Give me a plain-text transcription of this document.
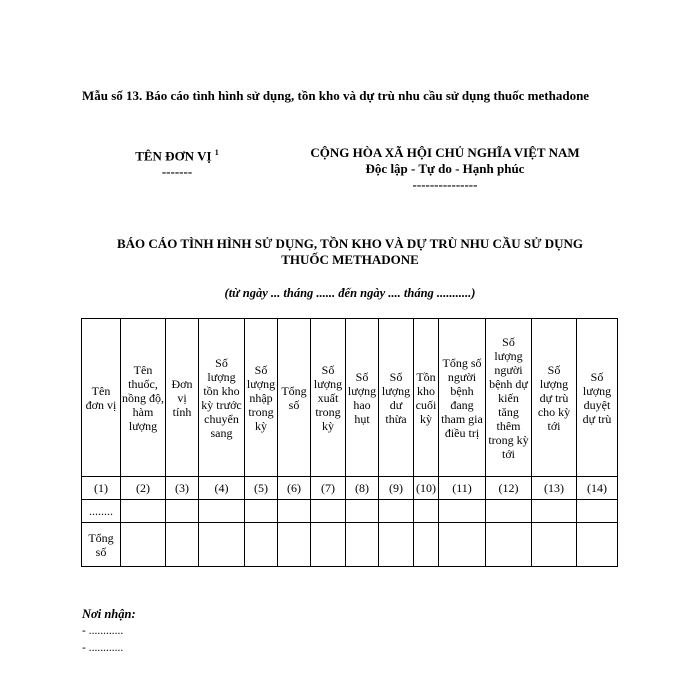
Mẫu số 13. Báo cáo tình hình sử dụng, tồn kho và dự trù nhu cầu sử dụng thuốc methadone
TÊN ĐƠN VỊ $^1$
-------
CỘNG HÒA XÃ HỘI CHỦ NGHĨA VIỆT NAM
Độc lập - Tự do - Hạnh phúc
---------------
BÁO CÁO TÌNH HÌNH SỬ DỤNG, TỒN KHO VÀ DỰ TRÙ NHU CẦU SỬ DỤNG
THUỐC METHADONE
(từ ngày ... tháng ...... đến ngày .... tháng ...........)
Tên đơn vị	Tên thuốc, nồng độ, hàm lượng	Đơn vị tính	Số lượng tồn kho kỳ trước chuyển sang	Số lượng nhập trong kỳ	Tổng số	Số lượng xuất trong kỳ	Số lượng hao hụt	Số lượng dư thừa	Tồn kho cuối kỳ	Tổng số người bệnh đang tham gia điều trị	Số lượng người bệnh dự kiến tăng thêm trong kỳ tới	Số lượng dự trù cho kỳ tới	Số lượng duyệt dự trù
(1)	(2)	(3)	(4)	(5)	(6)	(7)	(8)	(9)	(10)	(11)	(12)	(13)	(14)
........													
Tổng số													
Nơi nhận:
- ............
- ............
